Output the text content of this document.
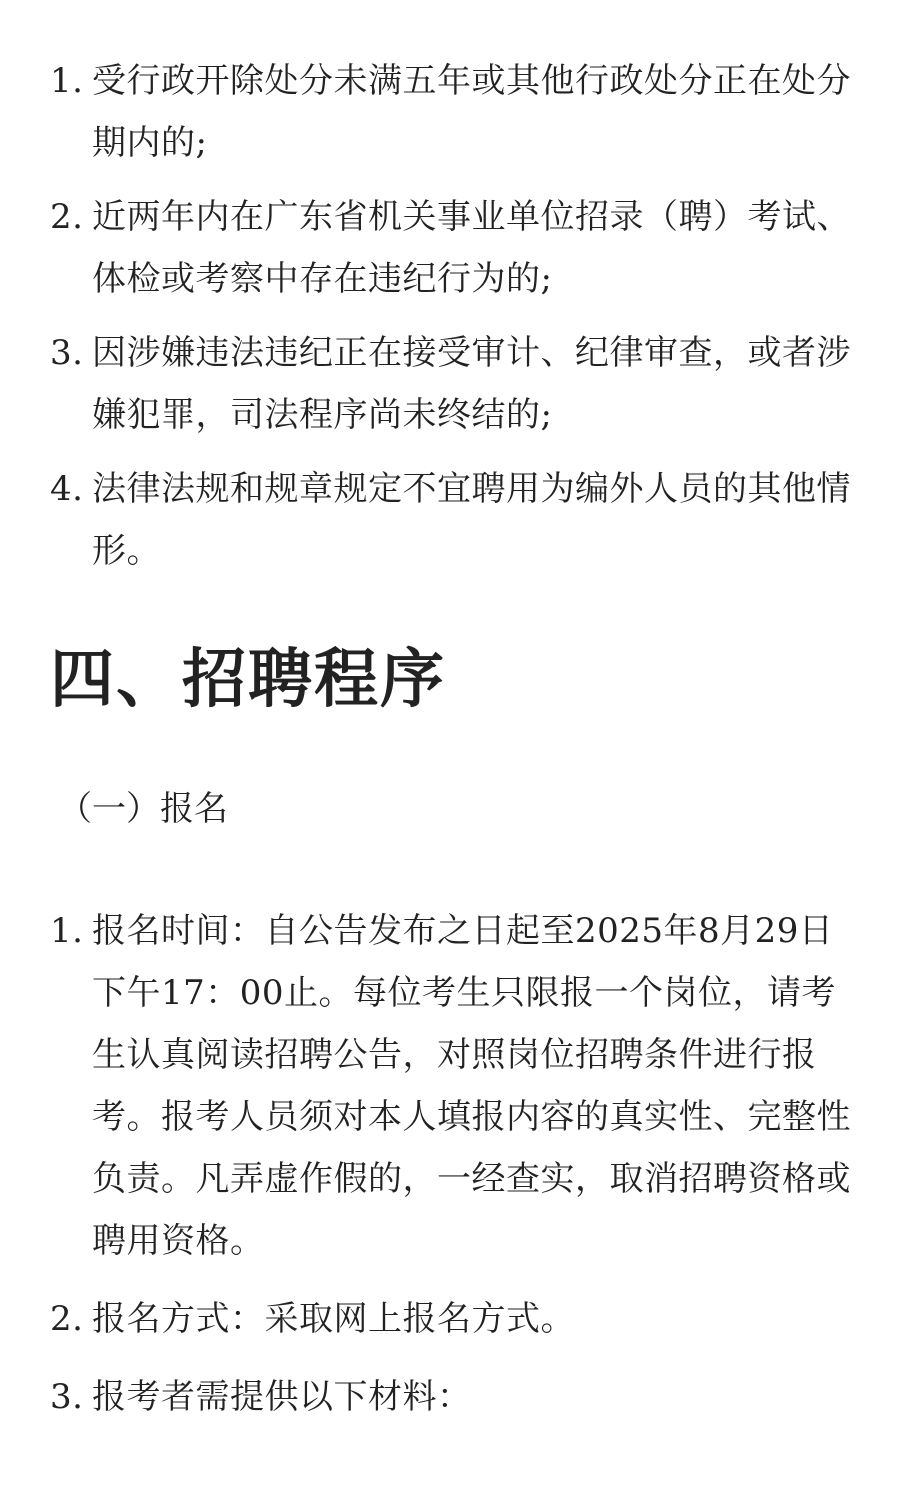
1. 受行政开除处分未满五年或其他行政处分正在处分期内的;
2. 近两年内在广东省机关事业单位招录（聘）考试、体检或考察中存在违纪行为的;
3. 因涉嫌违法违纪正在接受审计、纪律审查，或者涉嫌犯罪，司法程序尚未终结的;
4. 法律法规和规章规定不宜聘用为编外人员的其他情形。
四、招聘程序
（一）报名
1. 报名时间：自公告发布之日起至2025年8月29日下午17：00止。每位考生只限报一个岗位，请考生认真阅读招聘公告，对照岗位招聘条件进行报考。报考人员须对本人填报内容的真实性、完整性负责。凡弄虚作假的，一经查实，取消招聘资格或聘用资格。
2. 报名方式：采取网上报名方式。
3. 报考者需提供以下材料：
